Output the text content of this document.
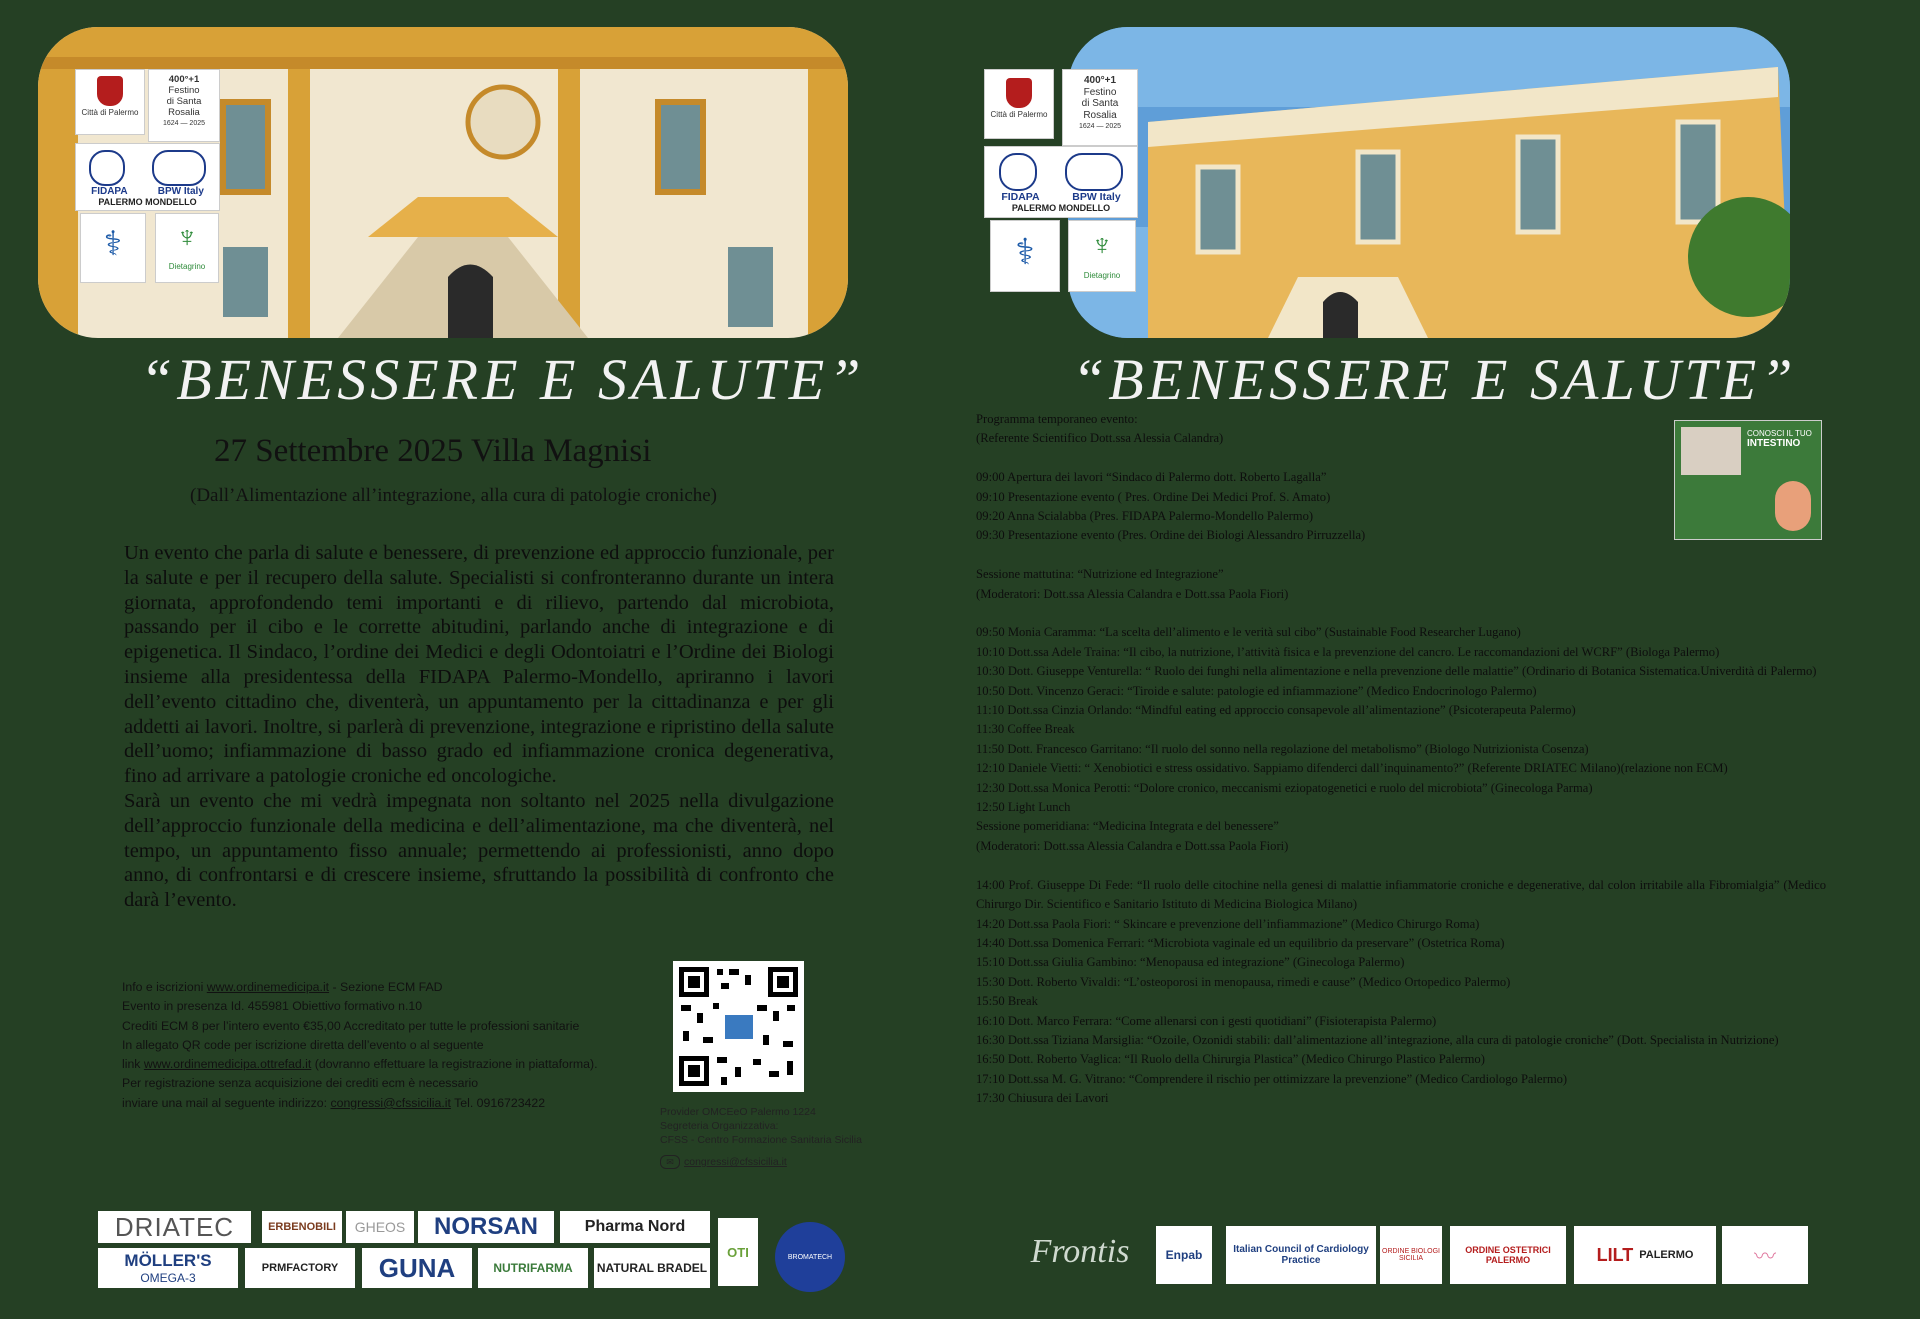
Città di Palermo
400°+1
Festino
di Santa
Rosalia
1624 — 2025
FIDAPA	BPW Italy
PALERMO MONDELLO
⚕	♆
Dietagrino
“BENESSERE E SALUTE”
27 Settembre 2025 Villa Magnisi
(Dall’Alimentazione all’integrazione, alla cura di patologie croniche)

Un evento che parla di salute e benessere, di prevenzione ed approccio funzionale, per la salute e per il recupero della salute. Specialisti si confronteranno durante un intera giornata, approfondendo temi importanti e di rilievo, partendo dal microbiota, passando per il cibo e le corrette abitudini, parlando anche di integrazione e di epigenetica. Il Sindaco, l’ordine dei Medici e degli Odontoiatri e l’Ordine dei Biologi insieme alla presidentessa della FIDAPA Palermo-Mondello, apriranno i lavori dell’evento cittadino che, diventerà, un appuntamento per la cittadinanza e per gli addetti ai lavori. Inoltre, si parlerà di prevenzione, integrazione e ripristino della salute dell’uomo; infiammazione di basso grado ed infiammazione cronica degenerativa, fino ad arrivare a patologie croniche ed oncologiche.

Sarà un evento che mi vedrà impegnata non soltanto nel 2025 nella divulgazione dell’approccio funzionale della medicina e dell’alimentazione, ma che diventerà, nel tempo, un appuntamento fisso annuale; permettendo ai professionisti, anno dopo anno, di confrontarsi e di crescere insieme, sfruttando la possibilità di confronto che darà l’evento.

Info e iscrizioni www.ordinemedicipa.it - Sezione ECM FAD
Evento in presenza Id. 455981 Obiettivo formativo n.10
Crediti ECM 8 per l’intero evento €35,00 Accreditato per tutte le professioni sanitarie
In allegato QR code per iscrizione diretta dell’evento o al seguente
link www.ordinemedicipa.ottrefad.it (dovranno effettuare la registrazione in piattaforma).
Per registrazione senza acquisizione dei crediti ecm è necessario
inviare una mail al seguente indirizzo: congressi@cfssicilia.it Tel. 0916723422
Provider OMCEeO Palermo 1224
Segreteria Organizzativa:
CFSS - Centro Formazione Sanitaria Sicilia
✉ congressi@cfssicilia.it
DRIATEC	ERBENOBILI GHEOS NORSAN	Pharma Nord
OTI	BROMATECH
MÖLLER'S
OMEGA-3
PRMFACTORY GUNA	NUTRIFARMA NATURAL BRADEL
Città di Palermo
400°+1
Festino
di Santa
Rosalia
1624 — 2025
FIDAPA	BPW Italy
PALERMO MONDELLO
⚕	♆
Dietagrino
“BENESSERE E SALUTE”
CONOSCI IL TUO
INTESTINO
Programma temporaneo evento:
(Referente Scientifico Dott.ssa Alessia Calandra)
09:00 Apertura dei lavori “Sindaco di Palermo dott. Roberto Lagalla”
09:10 Presentazione evento ( Pres. Ordine Dei Medici Prof. S. Amato)
09:20 Anna Scialabba (Pres. FIDAPA Palermo-Mondello Palermo)
09:30 Presentazione evento (Pres. Ordine dei Biologi Alessandro Pirruzzella)
Sessione mattutina: “Nutrizione ed Integrazione”
(Moderatori: Dott.ssa Alessia Calandra e Dott.ssa Paola Fiori)
09:50 Monia Caramma: “La scelta dell’alimento e le verità sul cibo” (Sustainable Food Researcher Lugano)
10:10 Dott.ssa Adele Traina: “Il cibo, la nutrizione, l’attività fisica e la prevenzione del cancro. Le raccomandazioni del WCRF” (Biologa Palermo)
10:30 Dott. Giuseppe Venturella: “ Ruolo dei funghi nella alimentazione e nella prevenzione delle malattie” (Ordinario di Botanica Sistematica.Univerdità di Palermo)
10:50 Dott. Vincenzo Geraci: “Tiroide e salute: patologie ed infiammazione” (Medico Endocrinologo Palermo)
11:10 Dott.ssa Cinzia Orlando: “Mindful eating ed approccio consapevole all’alimentazione” (Psicoterapeuta Palermo)
11:30 Coffee Break
11:50 Dott. Francesco Garritano: “Il ruolo del sonno nella regolazione del metabolismo” (Biologo Nutrizionista Cosenza)
12:10 Daniele Vietti: “ Xenobiotici e stress ossidativo. Sappiamo difenderci dall’inquinamento?” (Referente DRIATEC Milano)(relazione non ECM)
12:30 Dott.ssa Monica Perotti: “Dolore cronico, meccanismi eziopatogenetici e ruolo del microbiota” (Ginecologa Parma)
12:50 Light Lunch
Sessione pomeridiana: “Medicina Integrata e del benessere”
(Moderatori: Dott.ssa Alessia Calandra e Dott.ssa Paola Fiori)
14:00 Prof. Giuseppe Di Fede: “Il ruolo delle citochine nella genesi di malattie infiammatorie croniche e degenerative, dal colon irritabile alla Fibromialgia” (Medico Chirurgo Dir. Scientifico e Sanitario Istituto di Medicina Biologica Milano)
14:20 Dott.ssa Paola Fiori: “ Skincare e prevenzione dell’infiammazione” (Medico Chirurgo Roma)
14:40 Dott.ssa Domenica Ferrari: “Microbiota vaginale ed un equilibrio da preservare” (Ostetrica Roma)
15:10 Dott.ssa Giulia Gambino: “Menopausa ed integrazione” (Ginecologa Palermo)
15:30 Dott. Roberto Vivaldi: “L’osteoporosi in menopausa, rimedi e cause” (Medico Ortopedico Palermo)
15:50 Break
16:10 Dott. Marco Ferrara: “Come allenarsi con i gesti quotidiani” (Fisioterapista Palermo)
16:30 Dott.ssa Tiziana Marsiglia: “Ozoile, Ozonidi stabili: dall’alimentazione all’integrazione, alla cura di patologie croniche” (Dott. Specialista in Nutrizione)
16:50 Dott. Roberto Vaglica: “Il Ruolo della Chirurgia Plastica” (Medico Chirurgo Plastico Palermo)
17:10 Dott.ssa M. G. Vitrano: “Comprendere il rischio per ottimizzare la prevenzione” (Medico Cardiologo Palermo)
17:30 Chiusura dei Lavori
Frontis	Enpab	Italian Council of Cardiology Practice
ORDINE BIOLOGI SICILIA
ORDINE OSTETRICI PALERMO	LILT PALERMO	〰
